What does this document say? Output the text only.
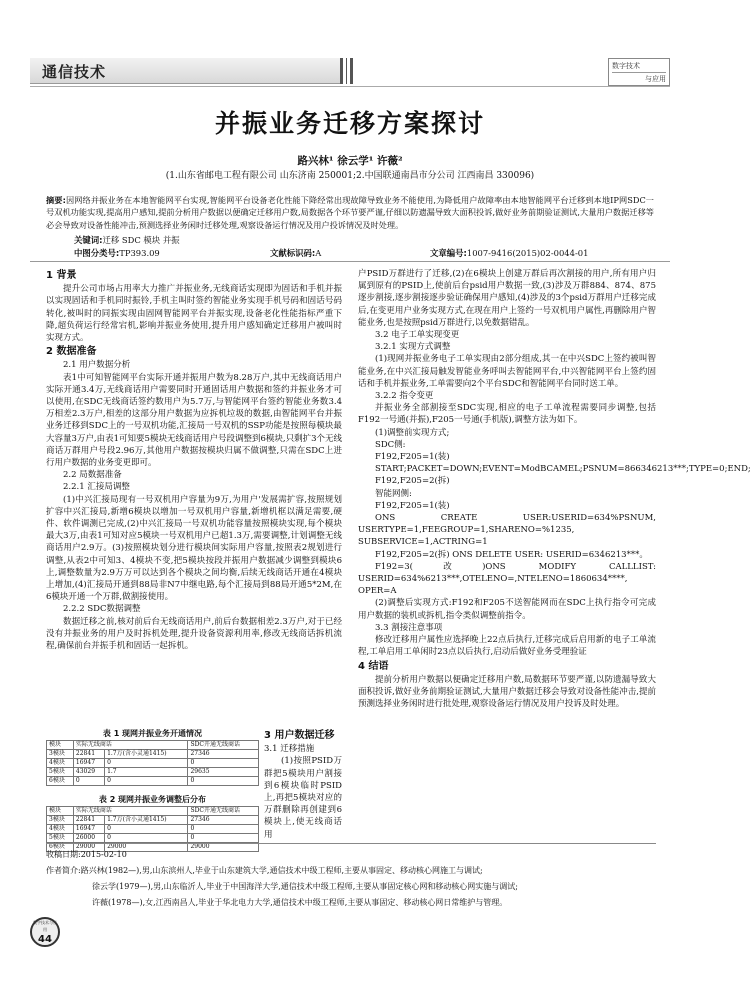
通信技术	数字技术
与应用
并振业务迁移方案探讨
路兴林¹ 徐云学¹ 许薇²
(1.山东省邮电工程有限公司 山东济南 250001;2.中国联通南昌市分公司 江西南昌 330096)
摘要:因网络并振业务在本地智能网平台实现,智能网平台设备老化性能下降经常出现故障导致业务不能使用,为降低用户故障率由本地智能网平台迁移到本地IP网SDC一号双机功能实现,提高用户感知,提前分析用户数据以便确定迁移用户数,局数据各个环节要严谨,仔细以防遗漏导致大面积投诉,做好业务前期验证测试,大量用户数据迁移等必会导致对设备性能冲击,预测选择业务闲时迁移处理,观察设备运行情况及用户投诉情况及时处理。
关键词:迁移 SDC 模块 并振
中图分类号:TP393.09	文献标识码:A	文章编号:1007-9416(2015)02-0044-01
1 背景

提升公司市场占用率大力推广并振业务,无线商话实现即为固话和手机并振以实现固话和手机同时振铃,手机主叫时签约智能业务实现手机号码和固话号码转化,被叫时的同振实现由固网智能网平台并振实现,设备老化性能指标严重下降,超负荷运行经常宕机,影响并振业务使用,提升用户感知确定迁移用户被叫时实现方式。

2 数据准备
2.1 用户数据分析

表1中可知智能网平台实际开通并振用户数为8.28万户,其中无线商话用户实际开通3.4万,无线商话用户需要同时开通固话用户数据和签约并振业务才可以使用,在SDC无线商话签约数用户为5.7万,与智能网平台签约智能业务数3.4万相差2.3万户,相差的这部分用户数据为应拆机垃圾的数据,由智能网平台并振业务迁移到SDC上的一号双机功能,汇接局一号双机的SSP功能是按照每模块最大容量3万户,由表1可知要5模块无线商话用户号段调整到6模块,只剩扩3个无线商话万群用户号段2.96万,其他用户数据按模块归属不做调整,只需在SDC上进行用户数据的业务变更即可。

2.2 局数据准备
2.2.1 汇接局调整

(1)中兴汇接局现有一号双机用户容量为9万,为用户'发展需扩容,按照规划扩容中兴汇接局,新增6模块以增加一号双机用户容量,新增机框以满足需要,硬件、软件调测已完成,(2)中兴汇接局一号双机功能容量按照模块实现,每个模块最大3万,由表1可知对应5模块一号双机用户已超1.3万,需要调整,计划调整无线商话用户2.9万。(3)按照模块划分进行模块间实际用户容量,按照表2规划进行调整,从表2中可知3、4模块不变,把5模块按段并振用户数据减少调整到模块6上,调整数量为2.9万万可以达到各个模块之间均衡,后续无线商话开通在4模块上增加,(4)汇接局开通到88局非N7中继电路,每个汇接局到88局开通5*2M,在6模块开通一个万群,做割接使用。

2.2.2 SDC数据调整

数据迁移之前,核对前后台无线商话用户,前后台数据相差2.3万户,对于已经没有并振业务的用户及时拆机处理,提升设备资源利用率,修改无线商话拆机流程,确保前台并振手机和固话一起拆机。

表 1 现网并振业务开通情况
模块	实际无线商话		SDC开通无线商话
3模块	22841	1.7万(含小灵通1415)	27346
4模块	16947	0	0
5模块	43029	1.7	29635
6模块	0	0	0
表 2 现网并振业务调整后分布
模块	实际无线商话		SDC开通无线商话
3模块	22841	1.7万(含小灵通1415)	27346
4模块	16947	0	0
5模块	26000	0	0
6模块	29000	29000	29000
3 用户数据迁移
3.1 迁移措施

(1)按照PSID万群把5模块用户割接到6模块临时PSID上,再把5模块对应的万群删除再创建到6模块上,使无线商话用

户PSID万群进行了迁移,(2)在6模块上创建万群后再次割接的用户,所有用户归属到原有的PSID上,使前后台psid用户数据一致,(3)涉及万群884、874、875逐步割接,逐步割接逐步验证确保用户感知,(4)涉及的3个psid万群用户迁移完成后,在变更用户业务实现方式,在现在用户上签约一号双机用户属性,再删除用户智能业务,也是按照psid万群进行,以免数据错乱。

3.2 电子工单实现变更
3.2.1 实现方式调整

(1)现网并振业务电子工单实现由2部分组成,其一在中兴SDC上签约被叫智能业务,在中兴汇接局触发智能业务呼叫去智能网平台,中兴智能网平台上签约固话和手机并振业务,工单需要向2个平台SDC和智能网平台同时送工单。

3.2.2 指令变更

并振业务全部割接至SDC实现,相应的电子工单流程需要同步调整,包括F192一号通(并振),F205一号通(手机版),调整方法为如下。

(1)调整前实现方式;

SDC侧:

F192,F205=1(装)

START;PACKET=DOWN;EVENT=ModBCAMEL;PSNUM=866346213***;TYPE=0;END;

F192,F205=2(拆)

智能网侧:

F192,F205=1(装)

ONS CREATE USER:USERID=634%PSNUM, USERTYPE=1,FEEGROUP=1,SHARENO=%1235, SUBSERVICE=1,ACTRING=1

F192,F205=2(拆) ONS DELETE USER: USERID=6346213***。

F192=3(改)ONS MODIFY CALLLIST: USERID=634%6213***,OTELENO=,NTELENO=1860634****, OPER=A

(2)调整后实现方式:F192和F205不送智能网而在SDC上执行指令可完成用户数据的装机或拆机,指令类似调整前指令。

3.3 割接注意事项

修改迁移用户属性应选择晚上22点后执行,迁移完成后启用新的电子工单流程,工单启用工单闲时23点以后执行,启动后做好业务受理验证

4 结语

提前分析用户数据以便确定迁移用户数,局数据环节要严谨,以防遗漏导致大面积投诉,做好业务前期验证测试,大量用户数据迁移会导致对设备性能冲击,提前预测选择业务闲时进行批处理,观察设备运行情况及用户投诉及时处理。

收稿日期:2015-02-10
作者简介:路兴林(1982—),男,山东滨州人,毕业于山东建筑大学,通信技术中级工程师,主要从事固定、移动核心网施工与调试;
徐云学(1979—),男,山东临沂人,毕业于中国海洋大学,通信技术中级工程师,主要从事固定核心网和移动核心网实施与调试;
许薇(1978—),女,江西南昌人,毕业于华北电力大学,通信技术中级工程师,主要从事固定、移动核心网日常维护与管理。
数字技术与应用
44
